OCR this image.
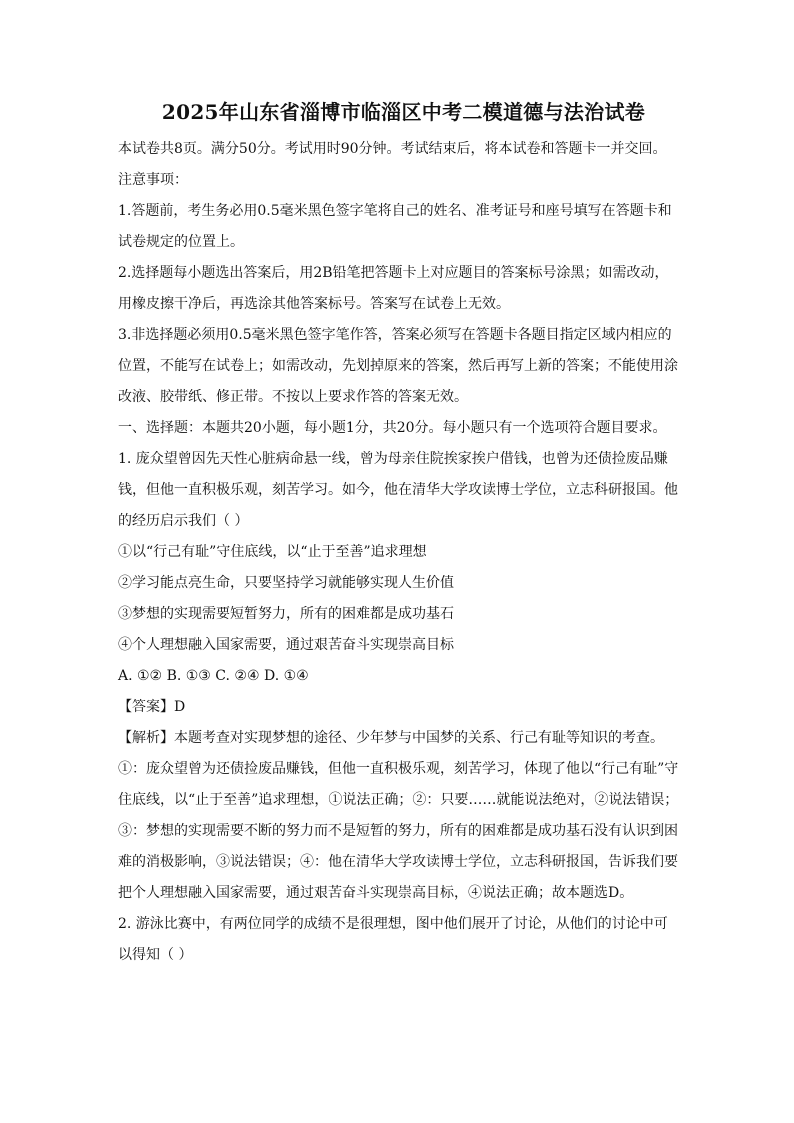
2025年山东省淄博市临淄区中考二模道德与法治试卷

本试卷共8页。满分50分。考试用时90分钟。考试结束后，将本试卷和答题卡一并交回。

注意事项：

1.答题前，考生务必用0.5毫米黑色签字笔将自己的姓名、准考证号和座号填写在答题卡和

试卷规定的位置上。

2.选择题每小题选出答案后，用2B铅笔把答题卡上对应题目的答案标号涂黑；如需改动，

用橡皮擦干净后，再选涂其他答案标号。答案写在试卷上无效。

3.非选择题必须用0.5毫米黑色签字笔作答，答案必须写在答题卡各题目指定区域内相应的

位置，不能写在试卷上；如需改动，先划掉原来的答案，然后再写上新的答案；不能使用涂

改液、胶带纸、修正带。不按以上要求作答的答案无效。

一、选择题：本题共20小题，每小题1分，共20分。每小题只有一个选项符合题目要求。

1. 庞众望曾因先天性心脏病命悬一线，曾为母亲住院挨家挨户借钱，也曾为还债捡废品赚

钱，但他一直积极乐观，刻苦学习。如今，他在清华大学攻读博士学位，立志科研报国。他

的经历启示我们（ ）

①以“行己有耻”守住底线，以“止于至善”追求理想

②学习能点亮生命，只要坚持学习就能够实现人生价值

③梦想的实现需要短暂努力，所有的困难都是成功基石

④个人理想融入国家需要，通过艰苦奋斗实现崇高目标

A. ①② B. ①③ C. ②④ D. ①④

【答案】D

【解析】本题考查对实现梦想的途径、少年梦与中国梦的关系、行己有耻等知识的考查。

①：庞众望曾为还债捡废品赚钱，但他一直积极乐观，刻苦学习，体现了他以“行己有耻”守

住底线，以“止于至善”追求理想，①说法正确；②：只要……就能说法绝对，②说法错误；

③：梦想的实现需要不断的努力而不是短暂的努力，所有的困难都是成功基石没有认识到困

难的消极影响，③说法错误；④：他在清华大学攻读博士学位，立志科研报国，告诉我们要

把个人理想融入国家需要，通过艰苦奋斗实现崇高目标，④说法正确；故本题选D。

2. 游泳比赛中，有两位同学的成绩不是很理想，图中他们展开了讨论，从他们的讨论中可

以得知（ ）
